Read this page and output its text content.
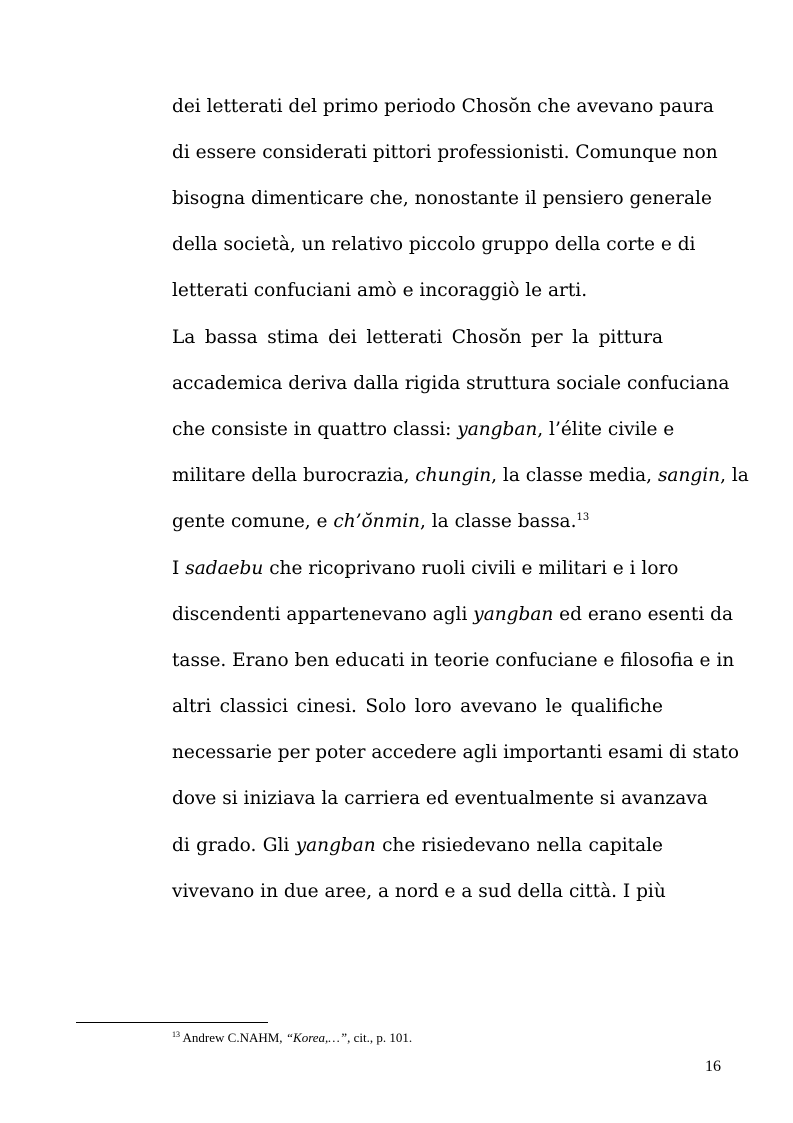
dei letterati del primo periodo Chosŏn che avevano paura
di essere considerati pittori professionisti. Comunque non
bisogna dimenticare che, nonostante il pensiero generale
della società, un relativo piccolo gruppo della corte e di
letterati confuciani amò e incoraggiò le arti.
La bassa stima dei letterati Chosŏn per la pittura
accademica deriva dalla rigida struttura sociale confuciana
che consiste in quattro classi: yangban, l’élite civile e
militare della burocrazia, chungin, la classe media, sangin, la
gente comune, e ch’ŏnmin, la classe bassa.$^{13}$
I sadaebu che ricoprivano ruoli civili e militari e i loro
discendenti appartenevano agli yangban ed erano esenti da
tasse. Erano ben educati in teorie confuciane e filosofia e in
altri classici cinesi. Solo loro avevano le qualifiche
necessarie per poter accedere agli importanti esami di stato
dove si iniziava la carriera ed eventualmente si avanzava
di grado. Gli yangban che risiedevano nella capitale
vivevano in due aree, a nord e a sud della città. I più
$^{13}$ Andrew C.NAHM, “Korea,…”, cit., p. 101.
16
